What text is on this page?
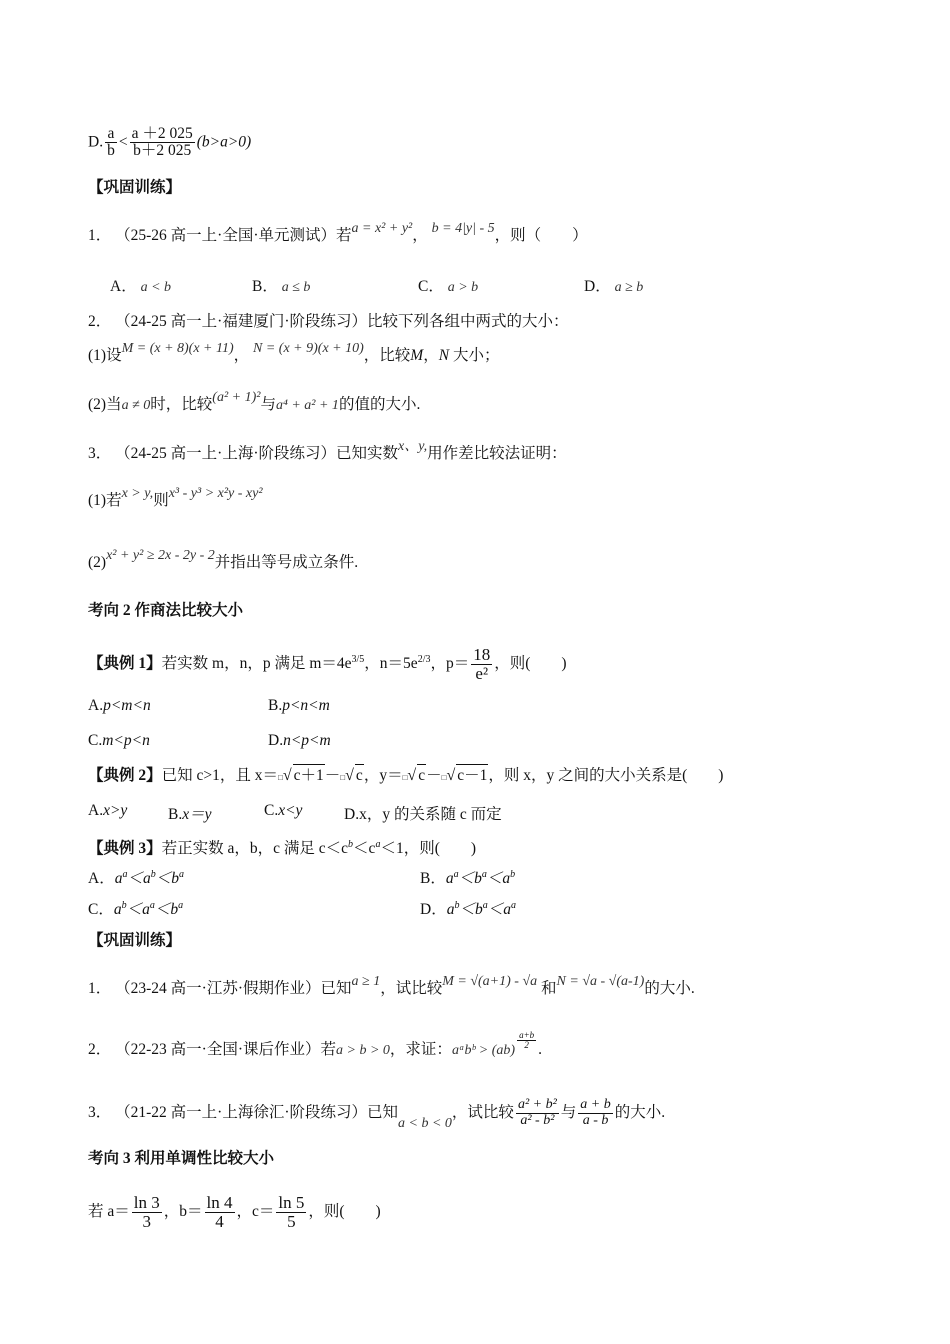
D. $\frac{a}{b} < \frac{a +2 025}{b+2 025} (b>a>0)$
【巩固训练】
1． （25-26 高一上·全国·单元测试）若a = x² + y²， b = 4|y| - 5，则（　　）
A． a < b	B． a ≤ b	C． a > b	D． a ≥ b
2． （24-25 高一上·福建厦门·阶段练习）比较下列各组中两式的大小：
(1)设M = (x + 8)(x + 11)， N = (x + 9)(x + 10)，比较M，N 大小；
(2)当a ≠ 0时，比较(a² + 1)²与a⁴ + a² + 1的值的大小.
3． （24-25 高一上·上海·阶段练习）已知实数x、y,用作差比较法证明：
(1)若x > y,则x³ - y³ > x²y - xy²
(2)x² + y² ≥ 2x - 2y - 2并指出等号成立条件.
考向 2 作商法比较大小
【典例 1】若实数 m，n，p 满足 $m=4e^{3/5}$，$n=5e^{2/3}$，$p= \frac{18}{\text{e²}}$ ，则(　　)
A.p<m<n	B.p<n<m
C.m<p<n	D.n<p<m
【典例 2】已知 c>1，且 x＝□√ c＋1－□√ c，y＝□√ c－□√ c－1，则 x，y 之间的大小关系是(　　)
A.x>y	B.x＝y	C.x<y	D.x，y 的关系随 c 而定
【典例 3】若正实数 a，b，c 满足 $c<c^b<c^a<1$，则(　　)
A．$a^a<a^b<b^a$	B．$a^a<b^a<a^b$
C．$a^b<a^a<b^a$	D．$a^b<b^a<a^a$
【巩固训练】
1． （23-24 高一·江苏·假期作业）已知a ≥ 1，试比较M = √(a+1) - √a 和N = √a - √(a-1)的大小.
2． （22-23 高一·全国·课后作业）若a > b > 0，求证：aᵃbᵇ > (ab)
$\frac{a+b}{2}$ .
3． （21-22 高一上·上海徐汇·阶段练习）已知a < b < 0，试比较 $\frac{\text{a² + b²}}{\text{a² - b²}}$ 与 $\frac{a + b}{a - b}$ 的大小.
考向 3 利用单调性比较大小
若 $a= \frac{\ln 3}{3}$ ，$b= \frac{\ln 4}{4}$ ，$c= \frac{\ln 5}{5}$ ，则(　　)
